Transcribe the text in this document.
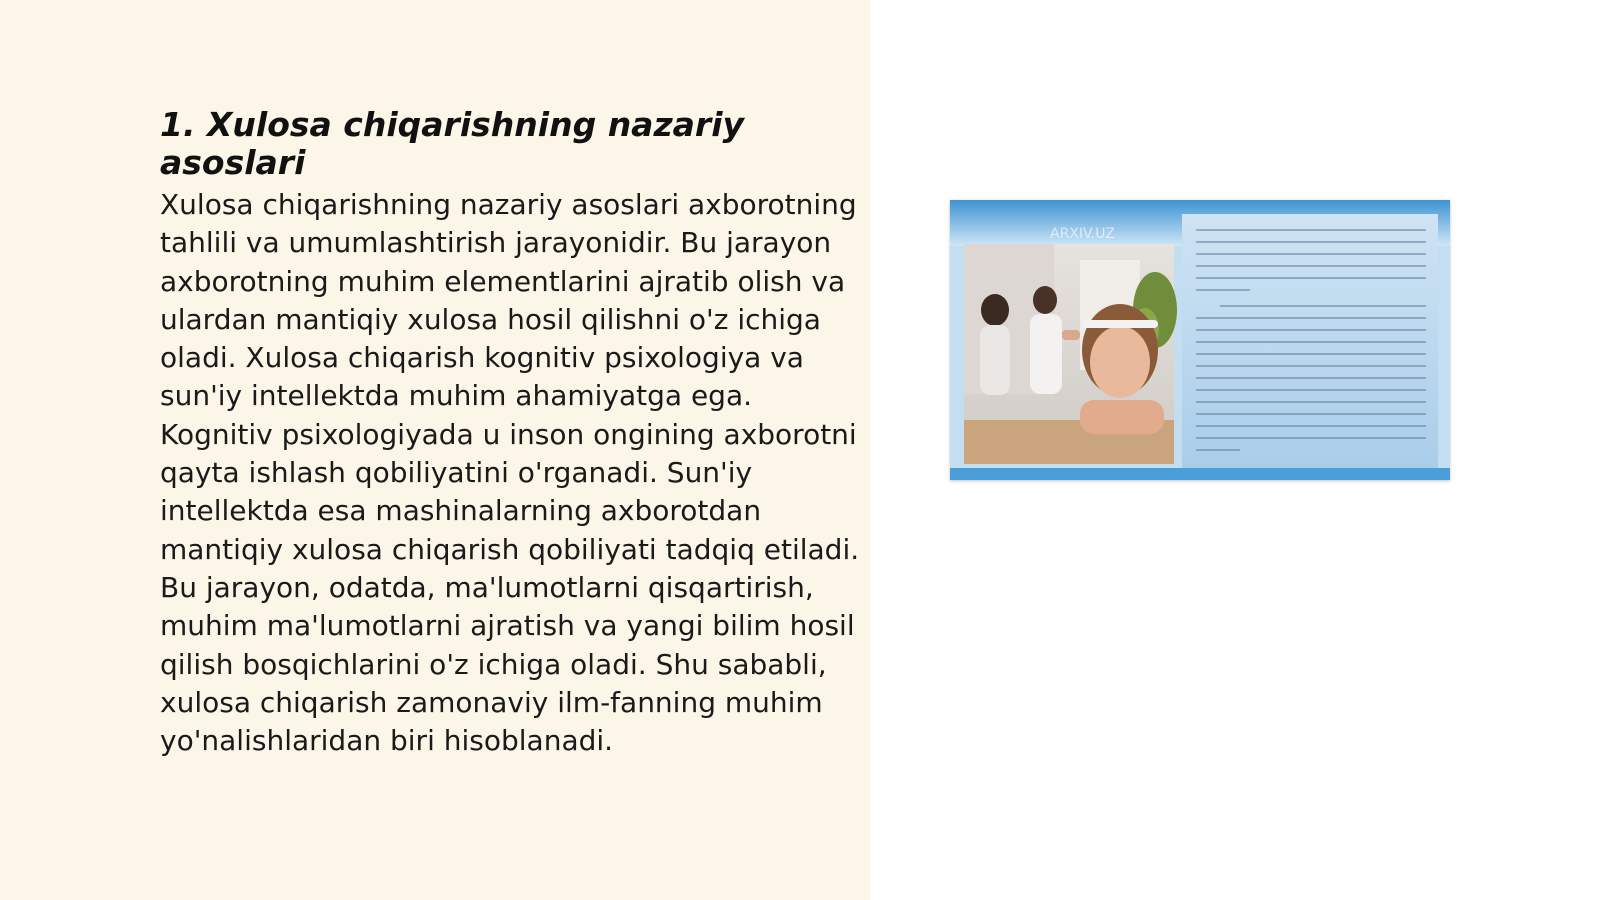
1. Xulosa chiqarishning nazariy asoslari

Xulosa chiqarishning nazariy asoslari axborotning tahlili va umumlashtirish jarayonidir. Bu jarayon axborotning muhim elementlarini ajratib olish va ulardan mantiqiy xulosa hosil qilishni o'z ichiga oladi. Xulosa chiqarish kognitiv psixologiya va sun'iy intellektda muhim ahamiyatga ega. Kognitiv psixologiyada u inson ongining axborotni qayta ishlash qobiliyatini o'rganadi. Sun'iy intellektda esa mashinalarning axborotdan mantiqiy xulosa chiqarish qobiliyati tadqiq etiladi. Bu jarayon, odatda, ma'lumotlarni qisqartirish, muhim ma'lumotlarni ajratish va yangi bilim hosil qilish bosqichlarini o'z ichiga oladi. Shu sababli, xulosa chiqarish zamonaviy ilm-fanning muhim yo'nalishlaridan biri hisoblanadi.

ARXIV.UZ
